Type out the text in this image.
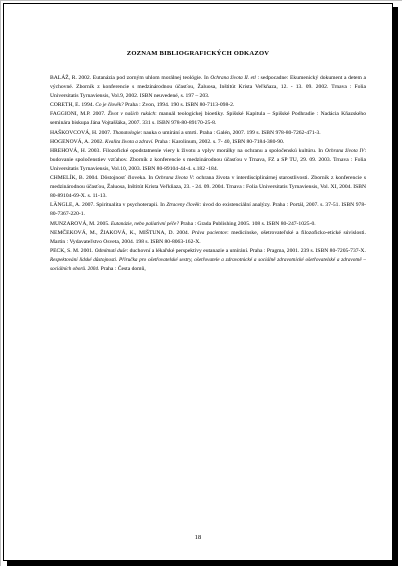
ZOZNAM BIBLIOGRAFICKÝCH ODKAZOV

BALÁŽ, R. 2002. Eutanázia pod zorným uhlom morálnej teológie. In Ochrana života II. etl : sedpocadne: Ekumenický dokument a detem a výchovné. Zborník z konferencie s medzinárodnou účasťou, Žaluosa, Inštitút Krista Veľkňaza, 12. - 13. 09. 2002. Trnava : Folia Universitatis Tyrnaviensis, Vol.9, 2002. ISBN neuvedené, s. 197 – 203.

CORETH, E. 1994. Co je člověk? Praha : Zvon, 1994. 190 s. ISBN 80-7113-098-2.

FAGGIONI, M.P. 2007. Život v našich rukách: manuál teologickej bioetiky. Spišské Kapitula – Spišské Podhradie : Nadácia Kňazského seminára biskupa Jána Vojtaššáka, 2007. 331 s. ISBN 978-80-89170-25-8.

HAŠKOVCOVÁ, H. 2007. Thanatologie: nauka o umírání a smrti. Praha : Galén, 2007. 199 s. ISBN 978-80-7262-471-3.

HOGENOVÁ, A. 2002. Kvalita života a zdraví. Praha : Karolinum, 2002. s. 7- 40, ISBN 80-7184-380-90.

HREHOVÁ, H. 2003. Filozofické opodstatnenie viery k životu a vplyv morálky na ochranu a spoločenskú kultúru. In Ochrana života IV: budovanie spoločenstiev vzťahov. Zborník z konferencie s medzinárodnou účasťou v Trnava, FZ a SP TU, 29. 09. 2003. Trnava : Folia Universitatis Tyrnaviensis, Vol.10, 2003. ISBN 80-89104-44-4. s.182 -184.

CHMELÍK, B. 2004. Dôstojnosť človeka. In Ochrana života V: ochrana života v interdisciplinárnej starostlivosti. Zborník z konferencie s medzinárodnou účasťou, Žaluosa, Inštitút Krista Veľkňaza, 23. - 24. 09. 2004. Trnava : Folia Universitatis Tyrnaviensis, Vol. XI, 2004. ISBN 80-89104-69-X. s. 11-13.

LÄNGLE, A. 2007. Spiritualita v psychoterapii. In Ztraceny člověk: úvod do existenciální analýzy. Praha : Portál, 2007. s. 37-51. ISBN 978-80-7367-220-1.

MUNZAROVÁ, M. 2005. Eutanázie, nebo paliativní péče? Praha : Grada Publishing 2005. 108 s. ISBN 80-247-1025-0.

NEMČEKOVÁ, M., ŽIAKOVÁ, K., MIŠTUNA, D. 2004. Práva pacientov: medicínske, ošetrovateľské a filozoficko-etické súvislosti. Martin : Vydavateľstvo Osveta, 2004. 198 s. ISBN 80-8063-162-X.

PECK, S. M. 2001. Odmítnutí duše: duchovní a lékařské perspektivy eutanazie a umírání. Praha : Pragma, 2001. 239 s. ISBN 80-7205-737-X.

Respektování lidské důstojnosti. Příručka pro ošetřovatelské sestry, ošetřovatele a zdravotnické a sociálně zdravotnické ošetřovatelské a zdravotně – sociálních oborů. 2004. Praha : Česta domů,

18
